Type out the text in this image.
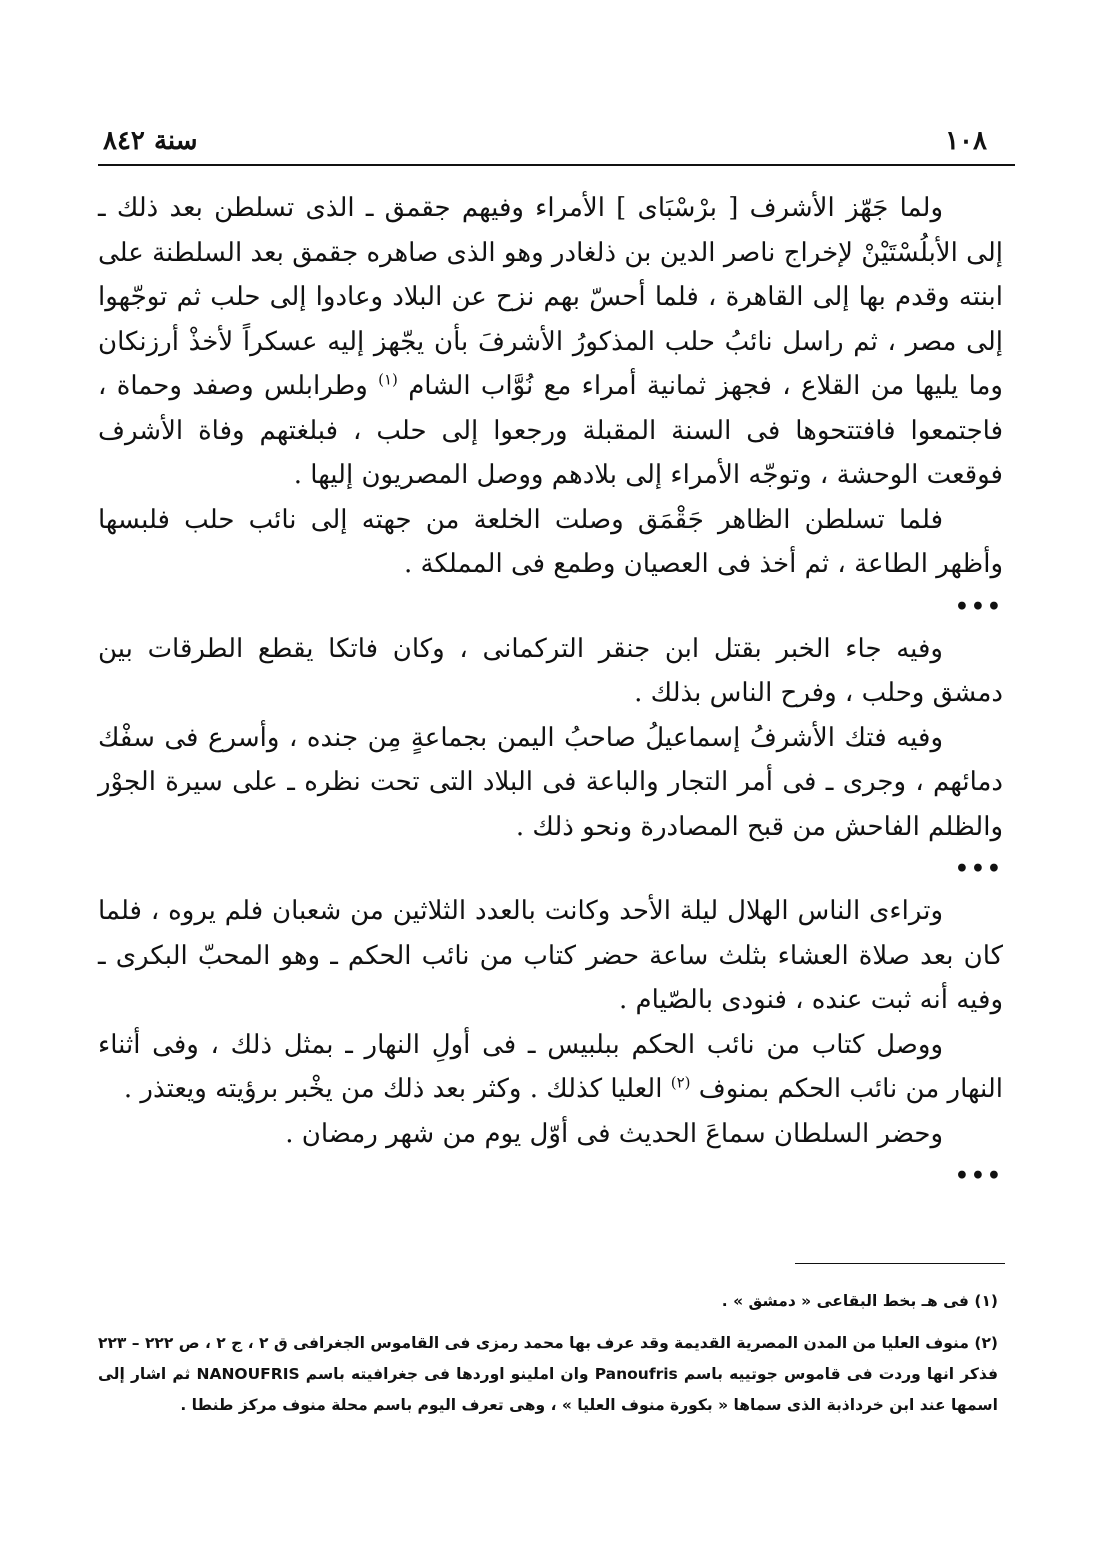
سنة ٨٤٢	١٠٨

ولما جَهّز الأشرف [ برْسْبَاى ] الأمراء وفيهم جقمق ـ الذى تسلطن بعد ذلك ـ إلى الأبلُسْتَيْنْ لإخراج ناصر الدين بن ذلغادر وهو الذى صاهره جقمق بعد السلطنة على ابنته وقدم بها إلى القاهرة ، فلما أحسّ بهم نزح عن البلاد وعادوا إلى حلب ثم توجّهوا إلى مصر ، ثم راسل نائبُ حلب المذكورُ الأشرفَ بأن يجّهز إليه عسكراً لأخذْ أرزنكان وما يليها من القلاع ، فجهز ثمانية أمراء مع نُوَّاب الشام $^{(١)}$ وطرابلس وصفد وحماة ، فاجتمعوا فافتتحوها فى السنة المقبلة ورجعوا إلى حلب ، فبلغتهم وفاة الأشرف فوقعت الوحشة ، وتوجّه الأمراء إلى بلادهم ووصل المصريون إليها .

فلما تسلطن الظاهر جَقْمَق وصلت الخلعة من جهته إلى نائب حلب فلبسها وأظهر الطاعة ، ثم أخذ فى العصيان وطمع فى المملكة .

•••

وفيه جاء الخبر بقتل ابن جنقر التركمانى ، وكان فاتكا يقطع الطرقات بين دمشق وحلب ، وفرح الناس بذلك .

وفيه فتك الأشرفُ إسماعيلُ صاحبُ اليمن بجماعةٍ مِن جنده ، وأسرع فى سفْك دمائهم ، وجرى ـ فى أمر التجار والباعة فى البلاد التى تحت نظره ـ على سيرة الجوْر والظلم الفاحش من قبح المصادرة ونحو ذلك .

•••

وتراءى الناس الهلال ليلة الأحد وكانت بالعدد الثلاثين من شعبان فلم يروه ، فلما كان بعد صلاة العشاء بثلث ساعة حضر كتاب من نائب الحكم ـ وهو المحبّ البكرى ـ وفيه أنه ثبت عنده ، فنودى بالصّيام .

ووصل كتاب من نائب الحكم ببلبيس ـ فى أولِ النهار ـ بمثل ذلك ، وفى أثناء النهار من نائب الحكم بمنوف $^{(٢)}$ العليا كذلك . وكثر بعد ذلك من يخْبر برؤيته ويعتذر .

وحضر السلطان سماعَ الحديث فى أوّل يوم من شهر رمضان .

•••

(١) فى هـ بخط البقاعى « دمشق » .

(٢) منوف العليا من المدن المصرية القديمة وقد عرف بها محمد رمزى فى القاموس الجغرافى ق ٢ ، ج ٢ ، ص ٢٢٢ – ٢٢٣ فذكر انها وردت فى قاموس جوتييه باسم Panoufris وان املينو اوردها فى جغرافيته باسم NANOUFRIS ثم اشار إلى اسمها عند ابن خرداذبة الذى سماها « بكورة منوف العليا » ، وهى تعرف اليوم باسم محلة منوف مركز طنطا .
